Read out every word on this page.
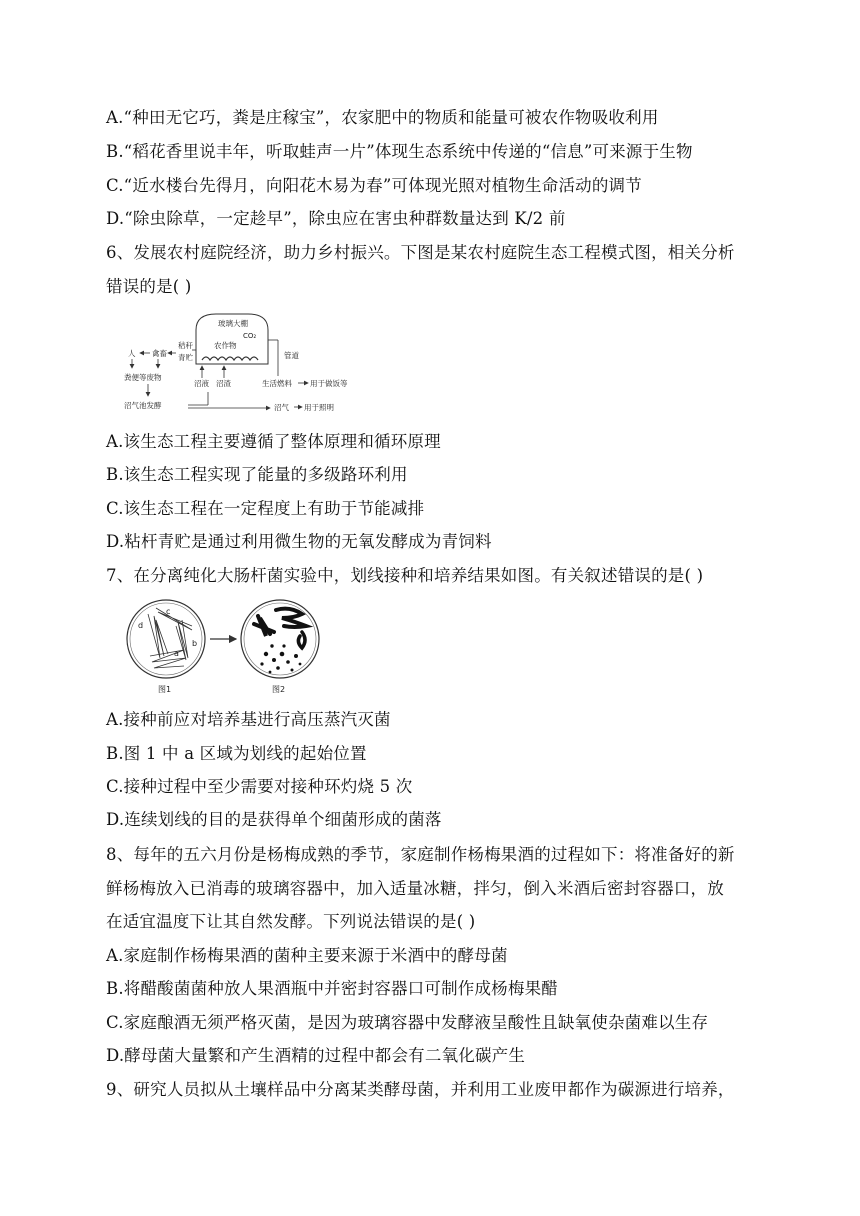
A.“种田无它巧，粪是庄稼宝”，农家肥中的物质和能量可被农作物吸收利用
B.“稻花香里说丰年，听取蛙声一片”体现生态系统中传递的“信息”可来源于生物
C.“近水楼台先得月，向阳花木易为春”可体现光照对植物生命活动的调节
D.“除虫除草，一定趁早”，除虫应在害虫种群数量达到 K/2 前
6、发展农村庭院经济，助力乡村振兴。下图是某农村庭院生态工程模式图，相关分析
错误的是( )
玻璃大棚
CO₂
农作物
秸秆
青贮
禽畜
人
粪便等废物
沼气池发酵
沼液 沼渣
管道
生活燃料 用于做饭等
沼气 用于照明
A.该生态工程主要遵循了整体原理和循环原理
B.该生态工程实现了能量的多级路环利用
C.该生态工程在一定程度上有助于节能减排
D.粘杆青贮是通过利用微生物的无氧发酵成为青饲料
7、在分离纯化大肠杆菌实验中，划线接种和培养结果如图。有关叙述错误的是( )
d
a
b
c
图1	图2
A.接种前应对培养基进行高压蒸汽灭菌
B.图 1 中 a 区域为划线的起始位置
C.接种过程中至少需要对接种环灼烧 5 次
D.连续划线的目的是获得单个细菌形成的菌落
8、每年的五六月份是杨梅成熟的季节，家庭制作杨梅果酒的过程如下：将准备好的新
鲜杨梅放入已消毒的玻璃容器中，加入适量冰糖，拌匀，倒入米酒后密封容器口，放
在适宜温度下让其自然发酵。下列说法错误的是( )
A.家庭制作杨梅果酒的菌种主要来源于米酒中的酵母菌
B.将醋酸菌菌种放人果酒瓶中并密封容器口可制作成杨梅果醋
C.家庭酿酒无须严格灭菌，是因为玻璃容器中发酵液呈酸性且缺氧使杂菌难以生存
D.酵母菌大量繁和产生酒精的过程中都会有二氧化碳产生
9、研究人员拟从土壤样品中分离某类酵母菌，并利用工业废甲都作为碳源进行培养，
